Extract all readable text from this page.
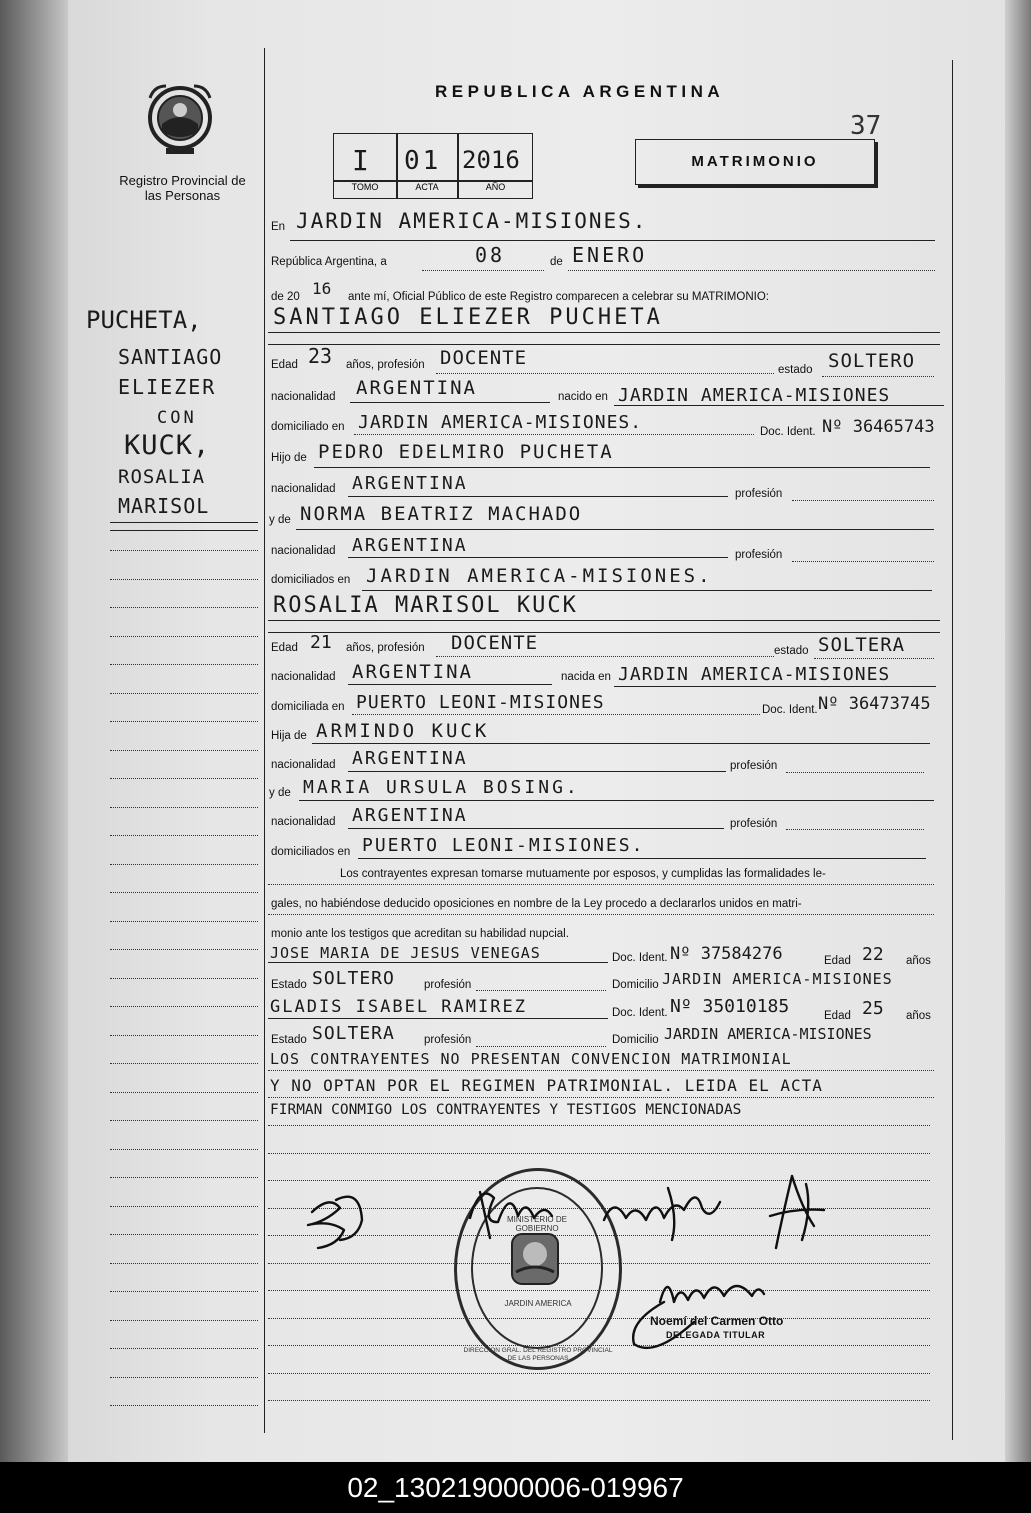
Registro Provincial de las Personas
REPUBLICA ARGENTINA
37
I 01 2016
TOMO	ACTA	AÑO
MATRIMONIO
PUCHETA,
SANTIAGO
ELIEZER
CON
KUCK,
ROSALIA
MARISOL
En JARDIN AMERICA-MISIONES.
República Argentina, a	08	de ENERO
de 20 16 ante mí, Oficial Público de este Registro comparecen a celebrar su MATRIMONIO:
SANTIAGO ELIEZER PUCHETA
Edad 23 años, profesión DOCENTE
estado SOLTERO
nacionalidad ARGENTINA	nacido en JARDIN AMERICA-MISIONES
domiciliado en JARDIN AMERICA-MISIONES.	Doc. Ident. Nº 36465743
Hijo de PEDRO EDELMIRO PUCHETA
nacionalidad ARGENTINA	profesión
y de NORMA BEATRIZ MACHADO
nacionalidad ARGENTINA	profesión
domiciliados en JARDIN AMERICA-MISIONES.
ROSALIA MARISOL KUCK
Edad 21 años, profesión DOCENTE	estado SOLTERA
nacionalidad ARGENTINA	nacida en JARDIN AMERICA-MISIONES
domiciliada en PUERTO LEONI-MISIONES	Doc. Ident. Nº 36473745
Hija de ARMINDO KUCK
nacionalidad ARGENTINA	profesión
y de MARIA URSULA BOSING.
nacionalidad ARGENTINA	profesión
domiciliados en PUERTO LEONI-MISIONES.
Los contrayentes expresan tomarse mutuamente por esposos, y cumplidas las formalidades le-
gales, no habiéndose deducido oposiciones en nombre de la Ley procedo a declararlos unidos en matri-
monio ante los testigos que acreditan su habilidad nupcial.
JOSE MARIA DE JESUS VENEGAS	Doc. Ident. Nº 37584276	Edad 22 años
Estado SOLTERO	profesión	Domicilio JARDIN AMERICA-MISIONES
GLADIS ISABEL RAMIREZ	Doc. Ident. Nº 35010185	Edad 25 años
Estado SOLTERA	profesión	Domicilio JARDIN AMERICA-MISIONES
LOS CONTRAYENTES NO PRESENTAN CONVENCION MATRIMONIAL
Y NO OPTAN POR EL REGIMEN PATRIMONIAL. LEIDA EL ACTA
FIRMAN CONMIGO LOS CONTRAYENTES Y TESTIGOS MENCIONADAS
MINISTERIO DE GOBIERNO
JARDIN AMERICA
DIRECCION GRAL. DEL REGISTRO PROVINCIAL DE LAS PERSONAS
Noemí del Carmen Otto
DELEGADA TITULAR
02_130219000006-019967
